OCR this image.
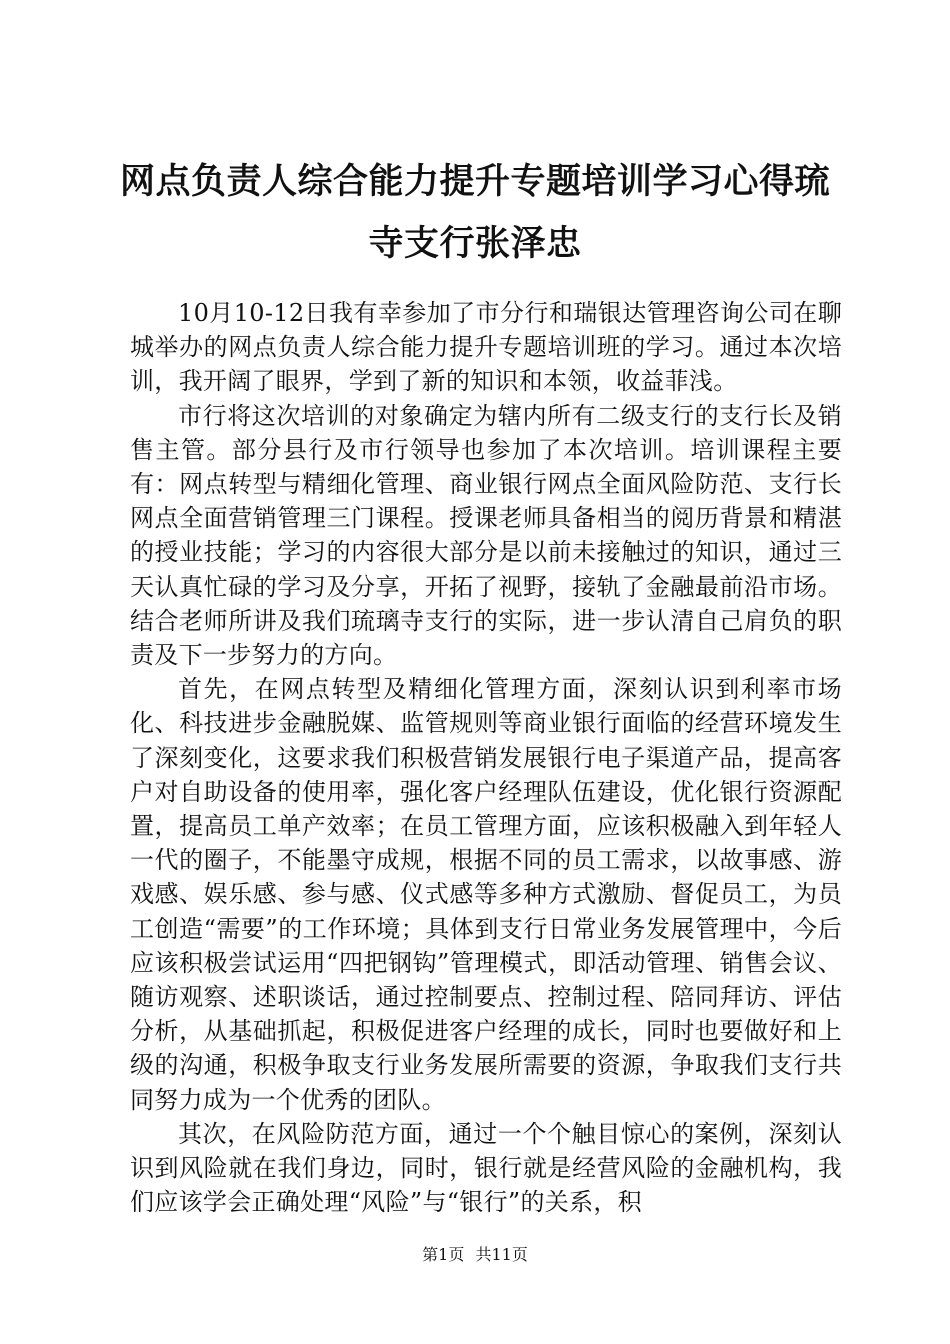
网点负责人综合能力提升专题培训学习心得琉
寺支行张泽忠

10月10-12日我有幸参加了市分行和瑞银达管理咨询公司在聊城举办的网点负责人综合能力提升专题培训班的学习。通过本次培训，我开阔了眼界，学到了新的知识和本领，收益菲浅。

市行将这次培训的对象确定为辖内所有二级支行的支行长及销售主管。部分县行及市行领导也参加了本次培训。培训课程主要有：网点转型与精细化管理、商业银行网点全面风险防范、支行长网点全面营销管理三门课程。授课老师具备相当的阅历背景和精湛的授业技能；学习的内容很大部分是以前未接触过的知识，通过三天认真忙碌的学习及分享，开拓了视野，接轨了金融最前沿市场。结合老师所讲及我们琉璃寺支行的实际，进一步认清自己肩负的职责及下一步努力的方向。

首先，在网点转型及精细化管理方面，深刻认识到利率市场化、科技进步金融脱媒、监管规则等商业银行面临的经营环境发生了深刻变化，这要求我们积极营销发展银行电子渠道产品，提高客户对自助设备的使用率，强化客户经理队伍建设，优化银行资源配置，提高员工单产效率；在员工管理方面，应该积极融入到年轻人一代的圈子，不能墨守成规，根据不同的员工需求，以故事感、游戏感、娱乐感、参与感、仪式感等多种方式激励、督促员工，为员工创造“需要”的工作环境；具体到支行日常业务发展管理中，今后应该积极尝试运用“四把钢钩”管理模式，即活动管理、销售会议、随访观察、述职谈话，通过控制要点、控制过程、陪同拜访、评估分析，从基础抓起，积极促进客户经理的成长，同时也要做好和上级的沟通，积极争取支行业务发展所需要的资源，争取我们支行共同努力成为一个优秀的团队。

其次，在风险防范方面，通过一个个触目惊心的案例，深刻认识到风险就在我们身边，同时，银行就是经营风险的金融机构，我们应该学会正确处理“风险”与“银行”的关系，积

第1页 共11页
